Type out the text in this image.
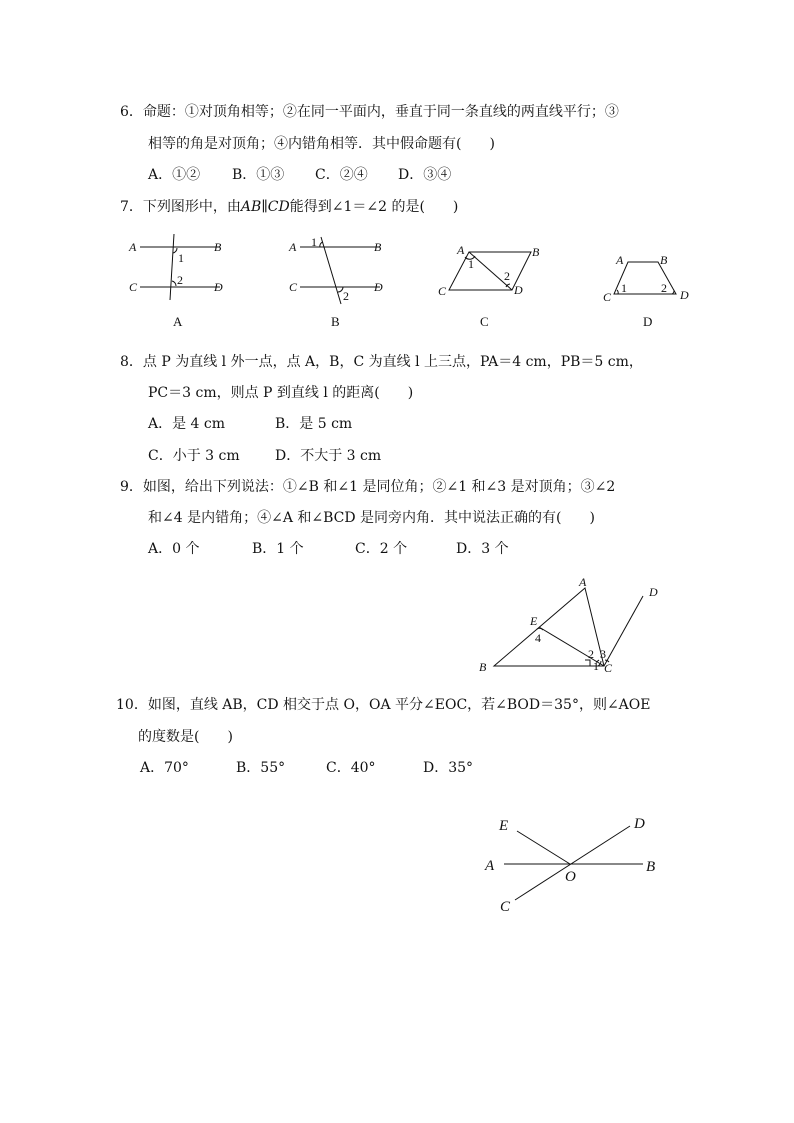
6．命题：①对顶角相等；②在同一平面内，垂直于同一条直线的两直线平行；③
相等的角是对顶角；④内错角相等．其中假命题有(　　)
A．①② B．①③ C．②④ D．③④
7．下列图形中，由AB∥CD能得到∠1＝∠2 的是(　　)
A	B
C	D
1
2
A
A	B
C	D
1
2
B
A	B
C	D
1
2
C
A	B
C	D
1	2
D
8．点 P 为直线 l 外一点，点 A，B，C 为直线 l 上三点，PA＝4 cm，PB＝5 cm，
PC＝3 cm，则点 P 到直线 l 的距离(　　)
A．是 4 cm	B．是 5 cm
C．小于 3 cm	D．不大于 3 cm
9．如图，给出下列说法：①∠B 和∠1 是同位角；②∠1 和∠3 是对顶角；③∠2
和∠4 是内错角；④∠A 和∠BCD 是同旁内角．其中说法正确的有(　　)
A．0 个	B．1 个	C．2 个	D．3 个
A
D
E
4
B
2 3
C
1
10．如图，直线 AB，CD 相交于点 O，OA 平分∠EOC，若∠BOD＝35°，则∠AOE
的度数是(　　)
A．70°	B．55°	C．40°	D．35°
E	D
A
O
B
C
